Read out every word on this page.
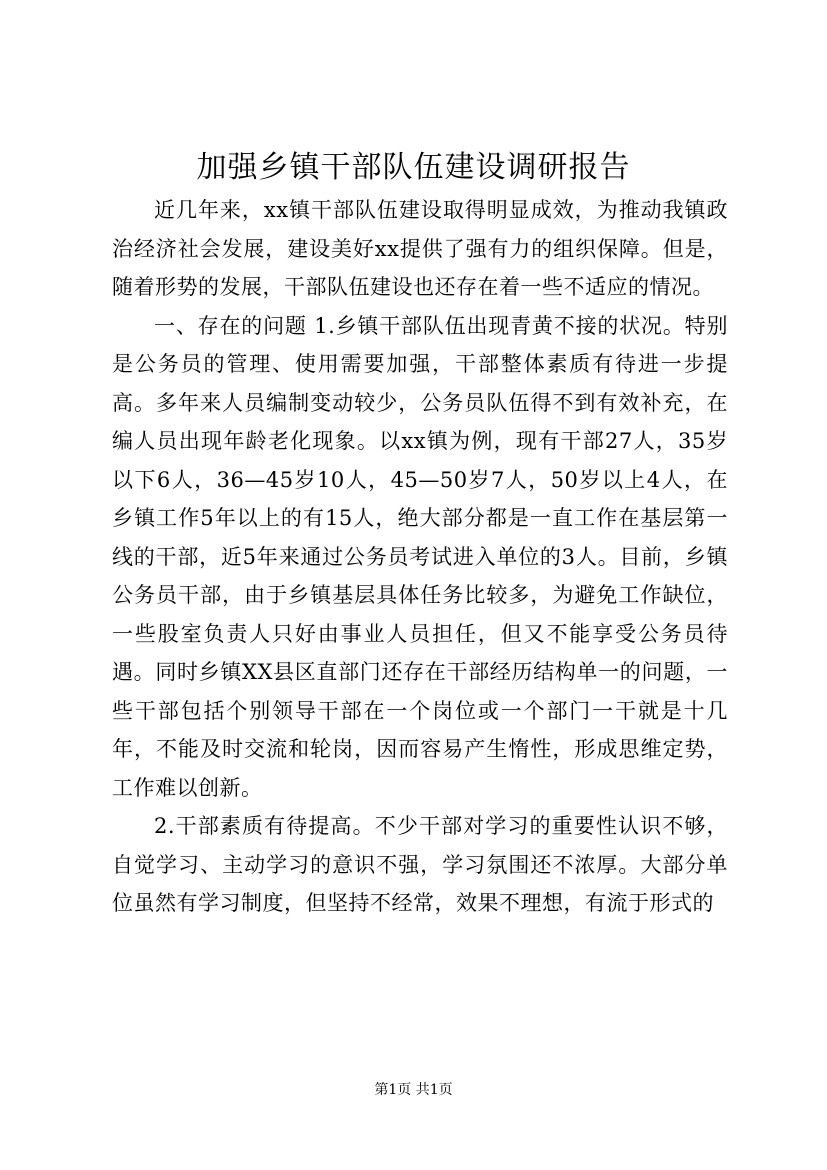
加强乡镇干部队伍建设调研报告

近几年来，xx镇干部队伍建设取得明显成效，为推动我镇政治经济社会发展，建设美好xx提供了强有力的组织保障。但是，随着形势的发展，干部队伍建设也还存在着一些不适应的情况。

一、存在的问题 1.乡镇干部队伍出现青黄不接的状况。特别是公务员的管理、使用需要加强，干部整体素质有待进一步提高。多年来人员编制变动较少，公务员队伍得不到有效补充，在编人员出现年龄老化现象。以xx镇为例，现有干部27人，35岁以下6人，36—45岁10人，45—50岁7人，50岁以上4人，在乡镇工作5年以上的有15人，绝大部分都是一直工作在基层第一线的干部，近5年来通过公务员考试进入单位的3人。目前，乡镇公务员干部，由于乡镇基层具体任务比较多，为避免工作缺位，一些股室负责人只好由事业人员担任，但又不能享受公务员待遇。同时乡镇XX县区直部门还存在干部经历结构单一的问题，一些干部包括个别领导干部在一个岗位或一个部门一干就是十几年，不能及时交流和轮岗，因而容易产生惰性，形成思维定势，工作难以创新。

2.干部素质有待提高。不少干部对学习的重要性认识不够，自觉学习、主动学习的意识不强，学习氛围还不浓厚。大部分单位虽然有学习制度，但坚持不经常，效果不理想，有流于形式的

第1页 共1页
